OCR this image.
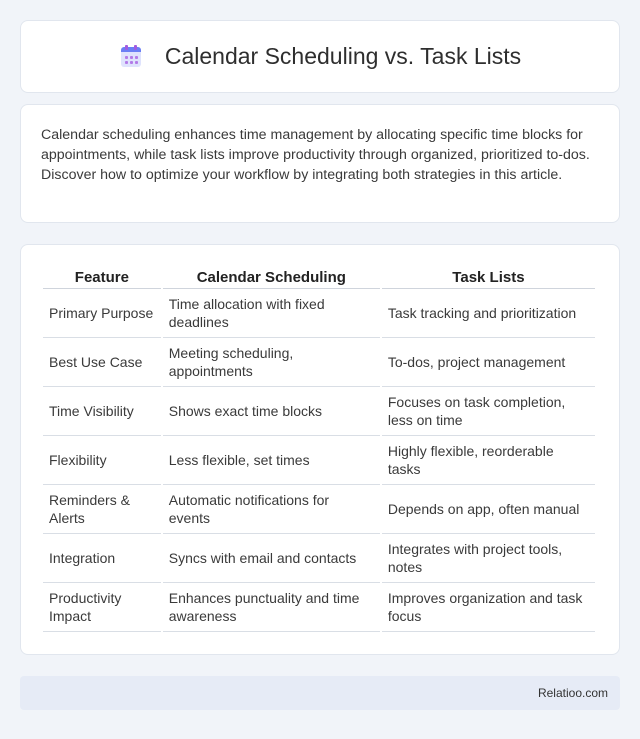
Calendar Scheduling vs. Task Lists

Calendar scheduling enhances time management by allocating specific time blocks for appointments, while task lists improve productivity through organized, prioritized to-dos. Discover how to optimize your workflow by integrating both strategies in this article.

Feature	Calendar Scheduling	Task Lists
Primary Purpose	Time allocation with fixed deadlines	Task tracking and prioritization
Best Use Case	Meeting scheduling, appointments	To-dos, project management
Time Visibility	Shows exact time blocks	Focuses on task completion, less on time
Flexibility	Less flexible, set times	Highly flexible, reorderable tasks
Reminders & Alerts	Automatic notifications for events	Depends on app, often manual
Integration	Syncs with email and contacts	Integrates with project tools, notes
Productivity Impact	Enhances punctuality and time awareness	Improves organization and task focus
Relatioo.com
